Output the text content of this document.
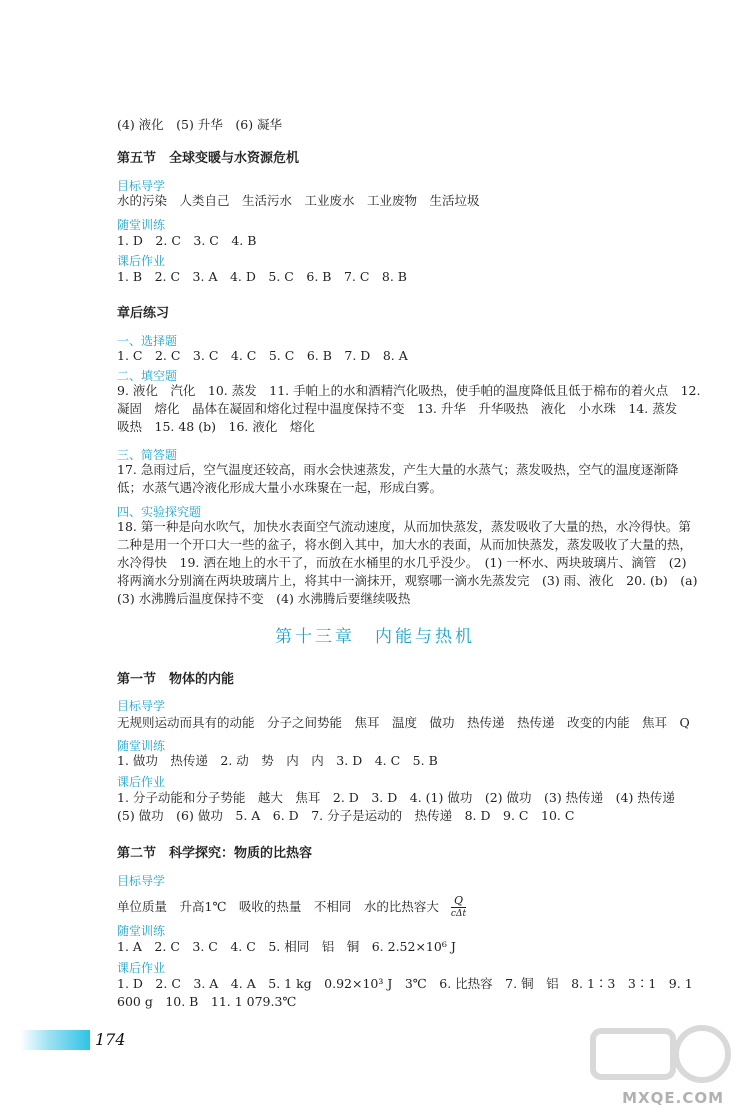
(4) 液化　(5) 升华　(6) 凝华
第五节　全球变暖与水资源危机
目标导学
水的污染　人类自己　生活污水　工业废水　工业废物　生活垃圾
随堂训练
1. D　2. C　3. C　4. B
课后作业
1. B　2. C　3. A　4. D　5. C　6. B　7. C　8. B
章后练习
一、选择题
1. C　2. C　3. C　4. C　5. C　6. B　7. D　8. A
二、填空题
9. 液化　汽化　10. 蒸发　11. 手帕上的水和酒精汽化吸热，使手帕的温度降低且低于棉布的着火点　12. 凝固　熔化　晶体在凝固和熔化过程中温度保持不变　13. 升华　升华吸热　液化　小水珠　14. 蒸发　吸热　15. 48 (b)　16. 液化　熔化
三、简答题
17. 急雨过后，空气温度还较高，雨水会快速蒸发，产生大量的水蒸气；蒸发吸热，空气的温度逐渐降低；水蒸气遇冷液化形成大量小水珠聚在一起，形成白雾。
四、实验探究题
18. 第一种是向水吹气，加快水表面空气流动速度，从而加快蒸发，蒸发吸收了大量的热，水冷得快。第二种是用一个开口大一些的盆子，将水倒入其中，加大水的表面，从而加快蒸发，蒸发吸收了大量的热，水冷得快　19. 洒在地上的水干了，而放在水桶里的水几乎没少。　(1) 一杯水、两块玻璃片、滴管　(2) 将两滴水分别滴在两块玻璃片上，将其中一滴抹开，观察哪一滴水先蒸发完　(3) 雨、液化　20. (b)　(a)　(3) 水沸腾后温度保持不变　(4) 水沸腾后要继续吸热
第十三章　内能与热机
第一节　物体的内能
目标导学
无规则运动而具有的动能　分子之间势能　焦耳　温度　做功　热传递　热传递　改变的内能　焦耳　Q
随堂训练
1. 做功　热传递　2. 动　势　内　内　3. D　4. C　5. B
课后作业
1. 分子动能和分子势能　越大　焦耳　2. D　3. D　4. (1) 做功　(2) 做功　(3) 热传递　(4) 热传递　(5) 做功　(6) 做功　5. A　6. D　7. 分子是运动的　热传递　8. D　9. C　10. C
第二节　科学探究：物质的比热容
目标导学
单位质量　升高1℃　吸收的热量　不相同　水的比热容大 Q
cΔt
随堂训练
1. A　2. C　3. C　4. C　5. 相同　铝　铜　6. 2.52×10⁶ J
课后作业
1. D　2. C　3. A　4. A　5. 1 kg　0.92×10³ J　3℃　6. 比热容　7. 铜　铝　8. 1∶3　3∶1　9. 1 600 g　10. B　11. 1 079.3℃
174
MXQE.COM
